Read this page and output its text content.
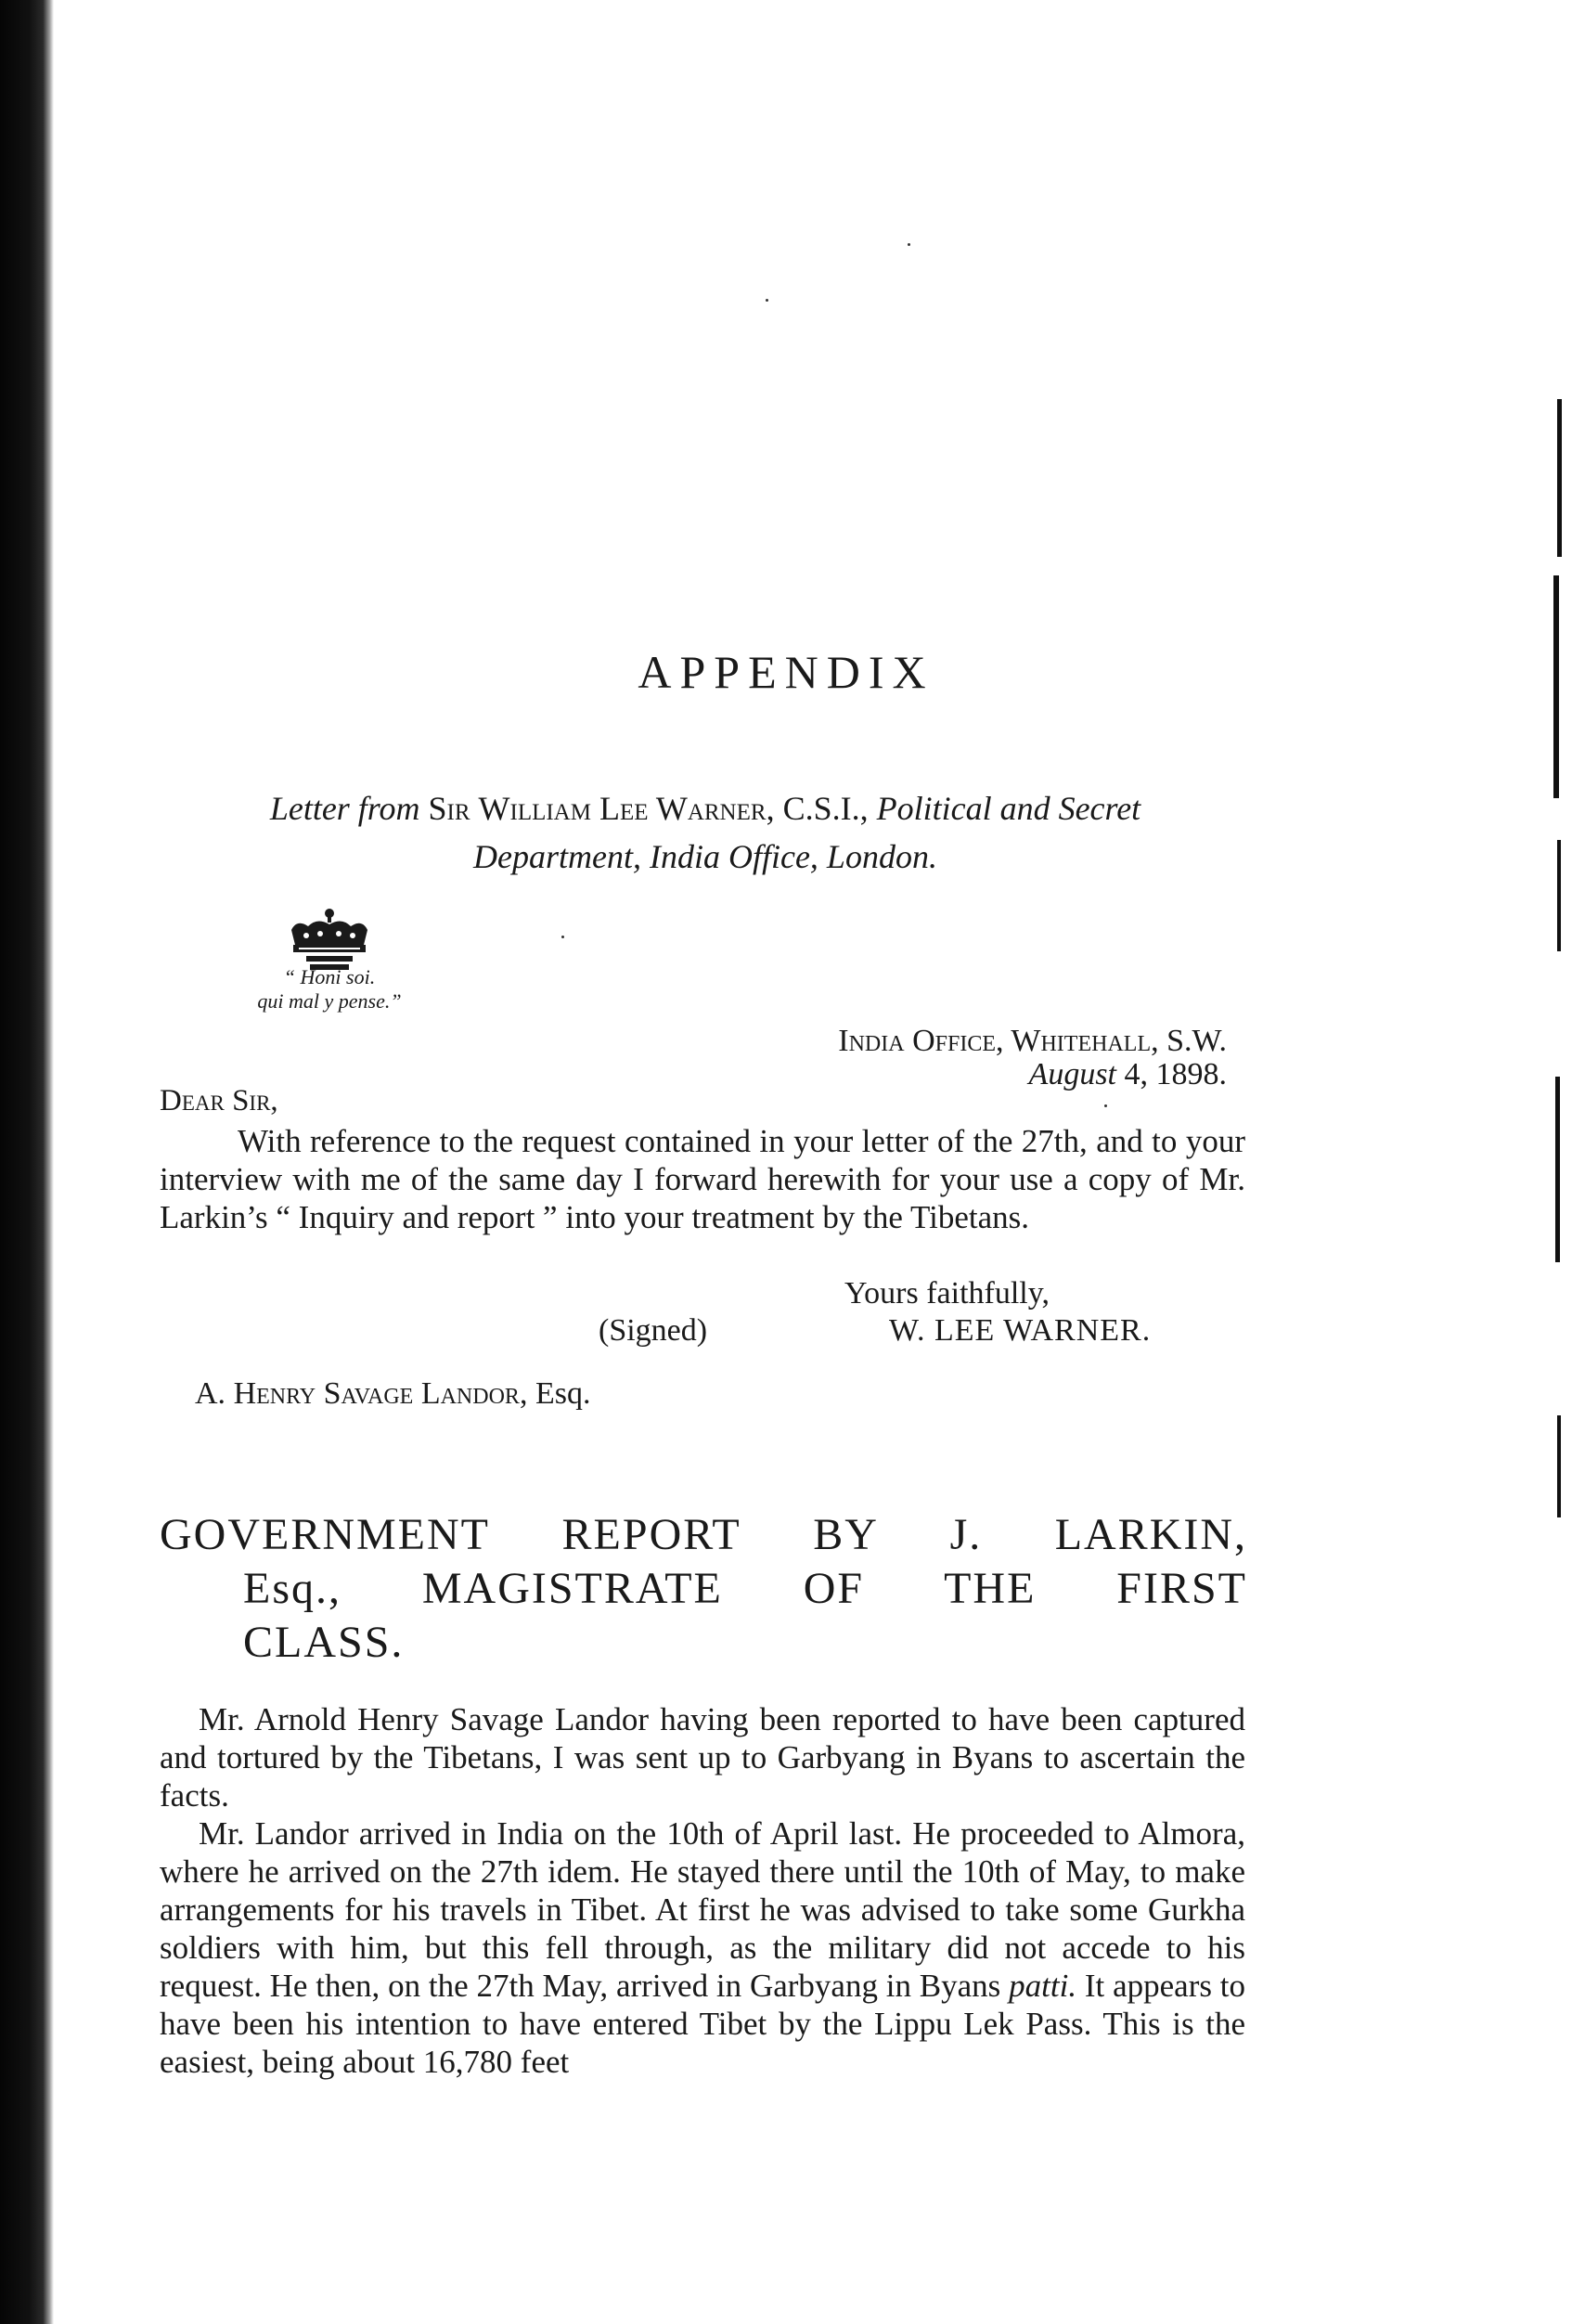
APPENDIX
Letter from Sir William Lee Warner, C.S.I., Political and Secret
Department, India Office, London.
“ Honi soi.
qui mal y pense.”
India Office, Whitehall, S.W.
August 4, 1898.
Dear Sir,

With reference to the request contained in your letter of the 27th, and to your interview with me of the same day I forward herewith for your use a copy of Mr. Larkin’s “ Inquiry and report ” into your treatment by the Tibetans.

Yours faithfully,
(Signed)	W. LEE WARNER.
A. Henry Savage Landor, Esq.
GOVERNMENT REPORT BY J. LARKIN,
Esq., MAGISTRATE OF THE FIRST
CLASS.

Mr. Arnold Henry Savage Landor having been reported to have been captured and tortured by the Tibetans, I was sent up to Garbyang in Byans to ascertain the facts.

Mr. Landor arrived in India on the 10th of April last. He proceeded to Almora, where he arrived on the 27th idem. He stayed there until the 10th of May, to make arrangements for his travels in Tibet. At first he was advised to take some Gurkha soldiers with him, but this fell through, as the military did not accede to his request. He then, on the 27th May, arrived in Garbyang in Byans patti. It appears to have been his intention to have entered Tibet by the Lippu Lek Pass. This is the easiest, being about 16,780 feet
